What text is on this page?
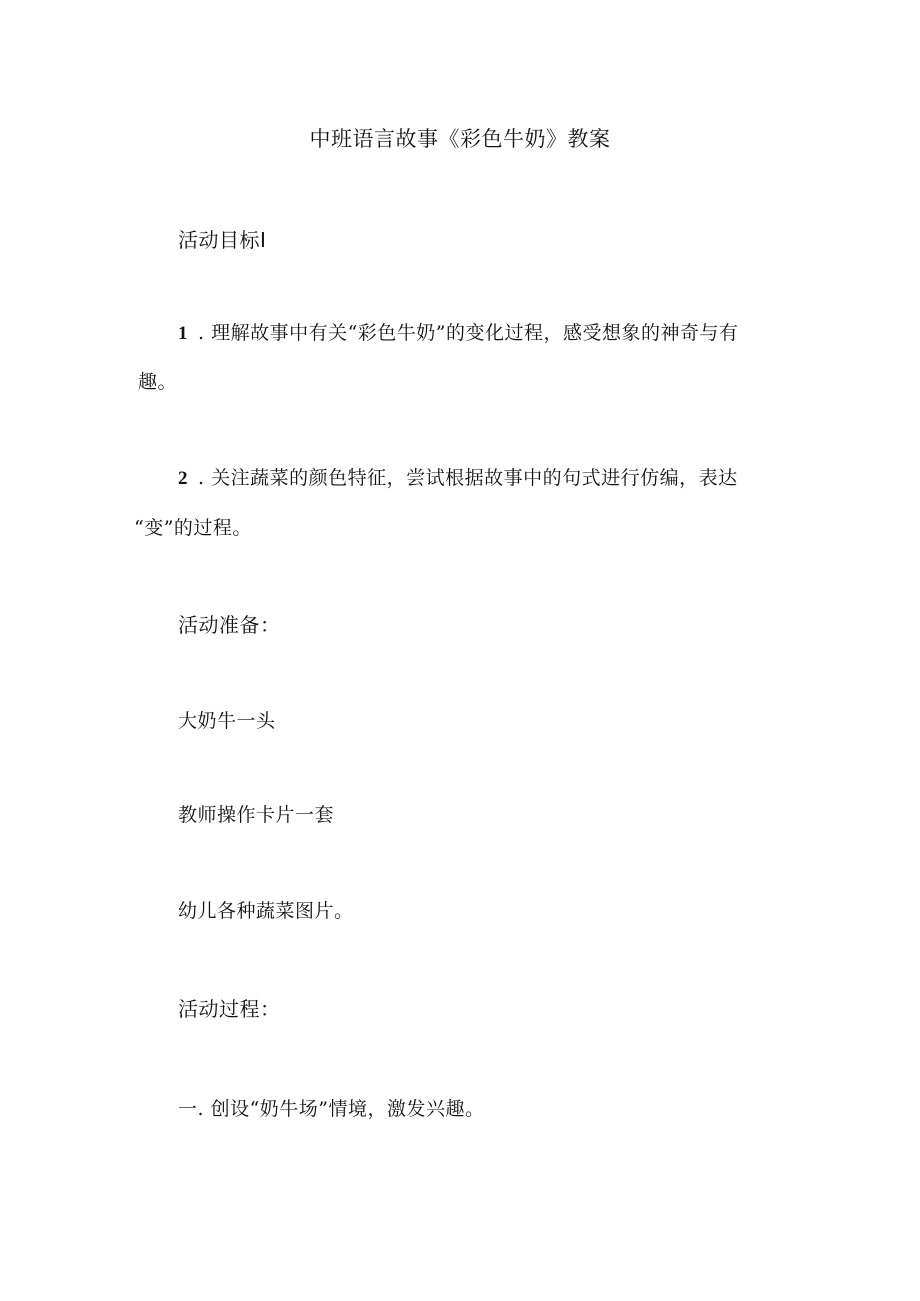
中班语言故事《彩色牛奶》教案
活动目标I
1 . 理解故事中有关“彩色牛奶”的变化过程，感受想象的神奇与有
趣。
2 . 关注蔬菜的颜色特征，尝试根据故事中的句式进行仿编，表达
“变”的过程。
活动准备：
大奶牛一头
教师操作卡片一套
幼儿各种蔬菜图片。
活动过程：
一. 创设“奶牛场”情境，激发兴趣。
